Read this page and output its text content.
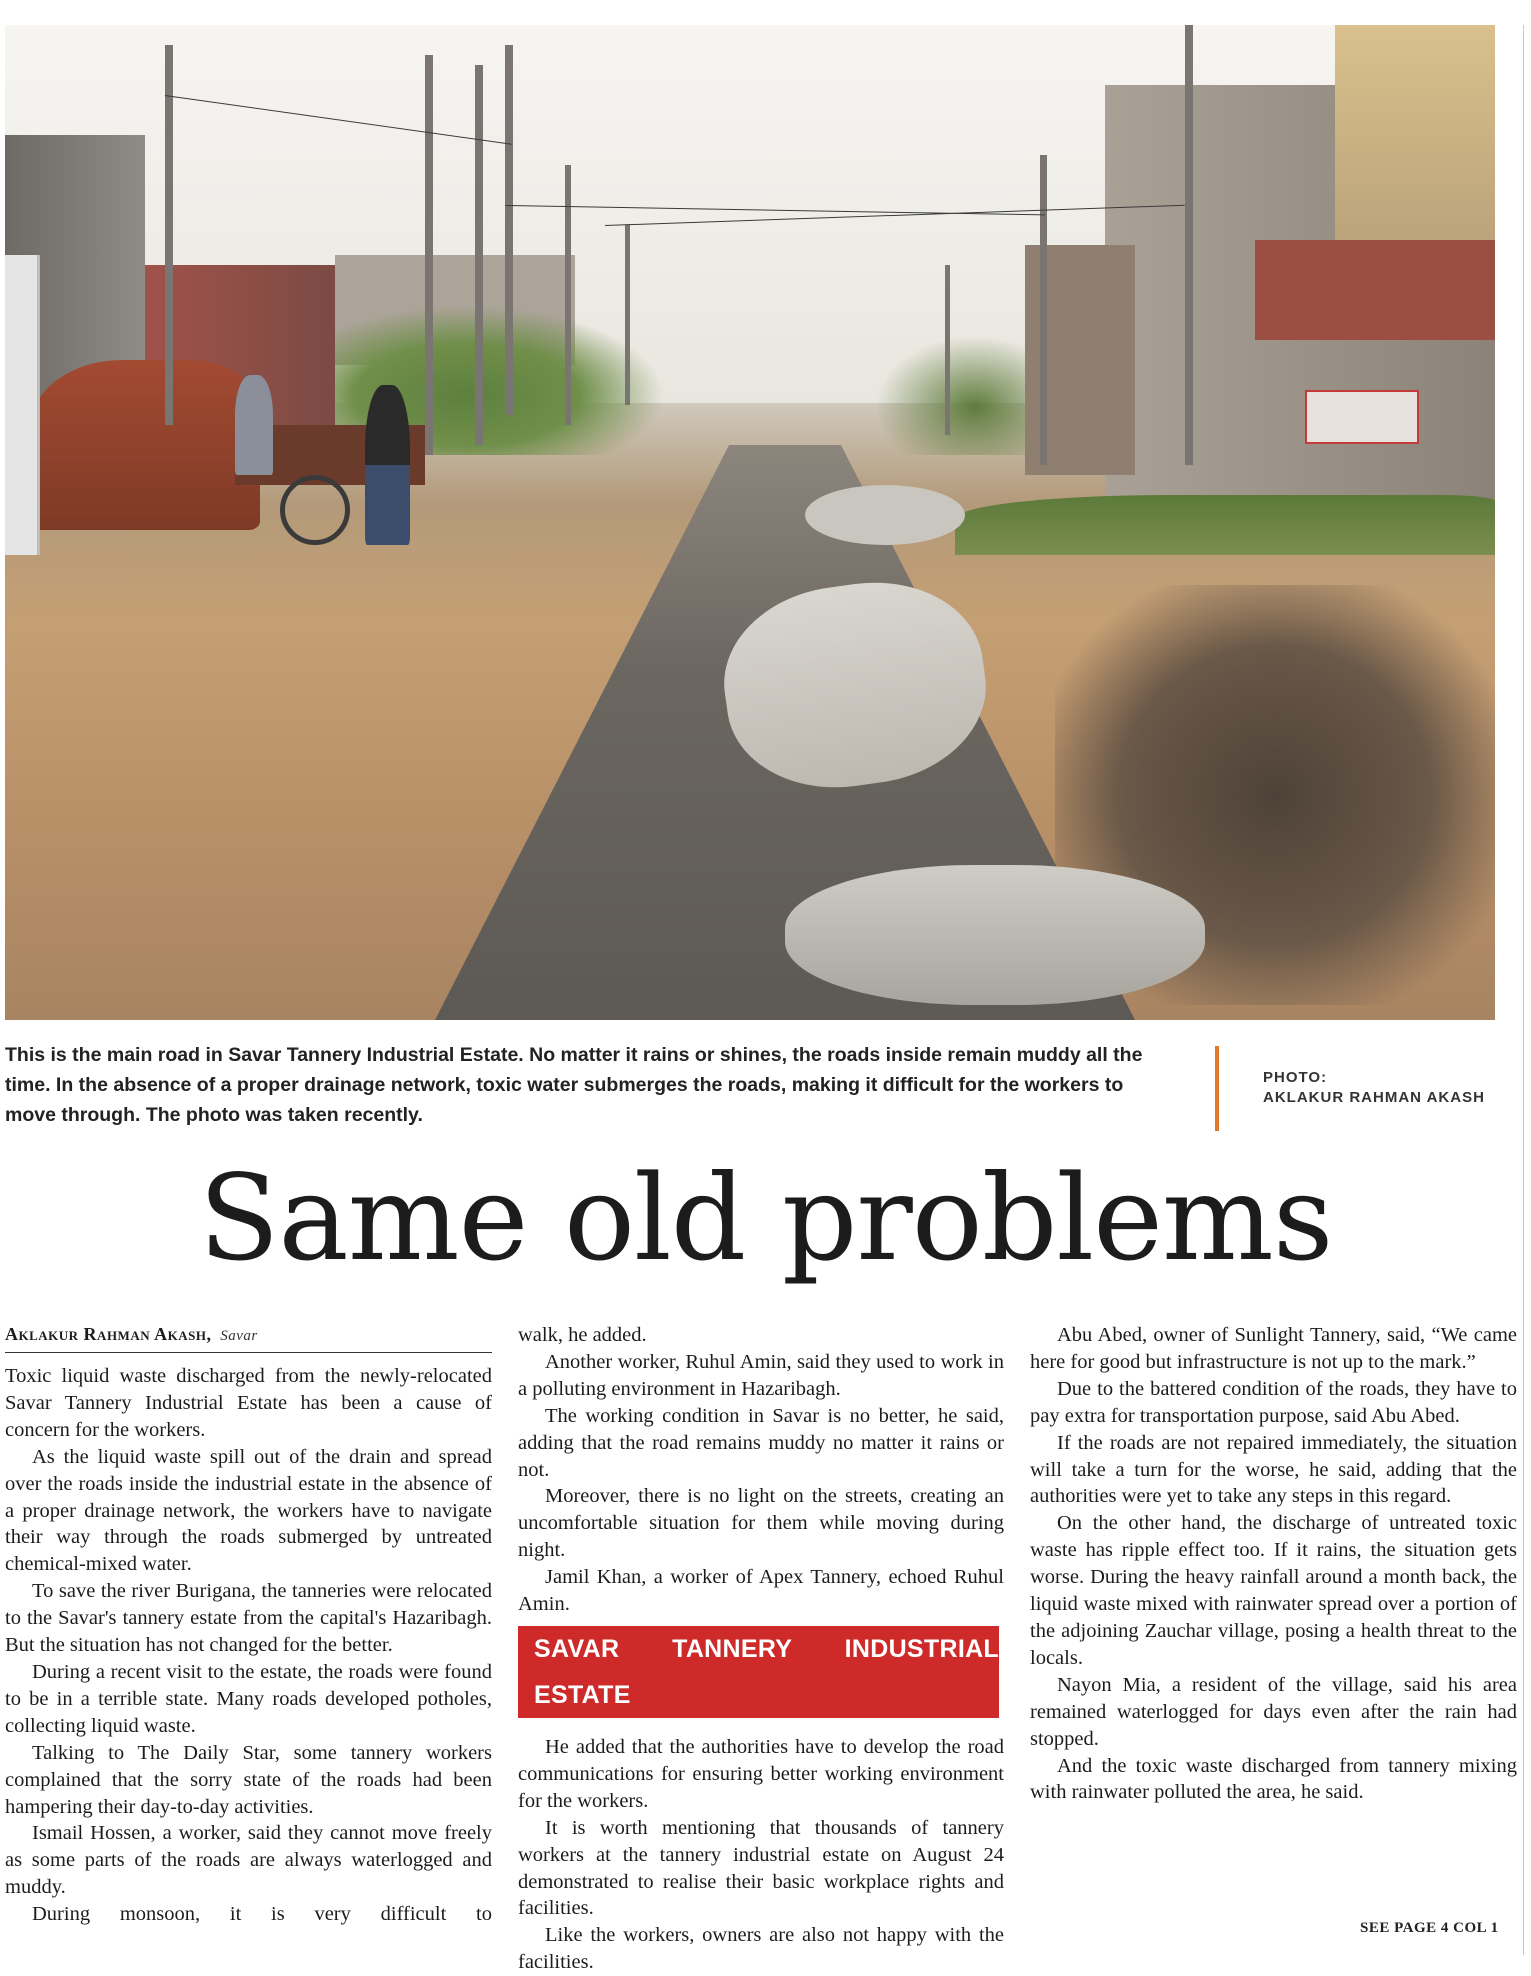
This is the main road in Savar Tannery Industrial Estate. No matter it rains or shines, the roads inside remain muddy all the time. In the absence of a proper drainage network, toxic water submerges the roads, making it difficult for the workers to move through. The photo was taken recently.
PHOTO:
AKLAKUR RAHMAN AKASH
Same old problems
Aklakur Rahman Akash, Savar

Toxic liquid waste discharged from the newly-relocated Savar Tannery Industrial Estate has been a cause of concern for the workers.

As the liquid waste spill out of the drain and spread over the roads inside the industrial estate in the absence of a proper drainage network, the workers have to navigate their way through the roads submerged by untreated chemical-mixed water.

To save the river Burigana, the tanneries were relocated to the Savar's tannery estate from the capital's Hazaribagh. But the situation has not changed for the better.

During a recent visit to the estate, the roads were found to be in a terrible state. Many roads developed potholes, collecting liquid waste.

Talking to The Daily Star, some tannery workers complained that the sorry state of the roads had been hampering their day-to-day activities.

Ismail Hossen, a worker, said they cannot move freely as some parts of the roads are always waterlogged and muddy.

During monsoon, it is very difficult to

walk, he added.

Another worker, Ruhul Amin, said they used to work in a polluting environment in Hazaribagh.

The working condition in Savar is no better, he said, adding that the road remains muddy no matter it rains or not.

Moreover, there is no light on the streets, creating an uncomfortable situation for them while moving during night.

Jamil Khan, a worker of Apex Tannery, echoed Ruhul Amin.

SAVAR TANNERY INDUSTRIAL ESTATE

He added that the authorities have to develop the road communications for ensuring better working environment for the workers.

It is worth mentioning that thousands of tannery workers at the tannery industrial estate on August 24 demonstrated to realise their basic workplace rights and facilities.

Like the workers, owners are also not happy with the facilities.

Abu Abed, owner of Sunlight Tannery, said, “We came here for good but infrastructure is not up to the mark.”

Due to the battered condition of the roads, they have to pay extra for transportation purpose, said Abu Abed.

If the roads are not repaired immediately, the situation will take a turn for the worse, he said, adding that the authorities were yet to take any steps in this regard.

On the other hand, the discharge of untreated toxic waste has ripple effect too. If it rains, the situation gets worse. During the heavy rainfall around a month back, the liquid waste mixed with rainwater spread over a portion of the adjoining Zauchar village, posing a health threat to the locals.

Nayon Mia, a resident of the village, said his area remained waterlogged for days even after the rain had stopped.

And the toxic waste discharged from tannery mixing with rainwater polluted the area, he said.

SEE PAGE 4 COL 1
